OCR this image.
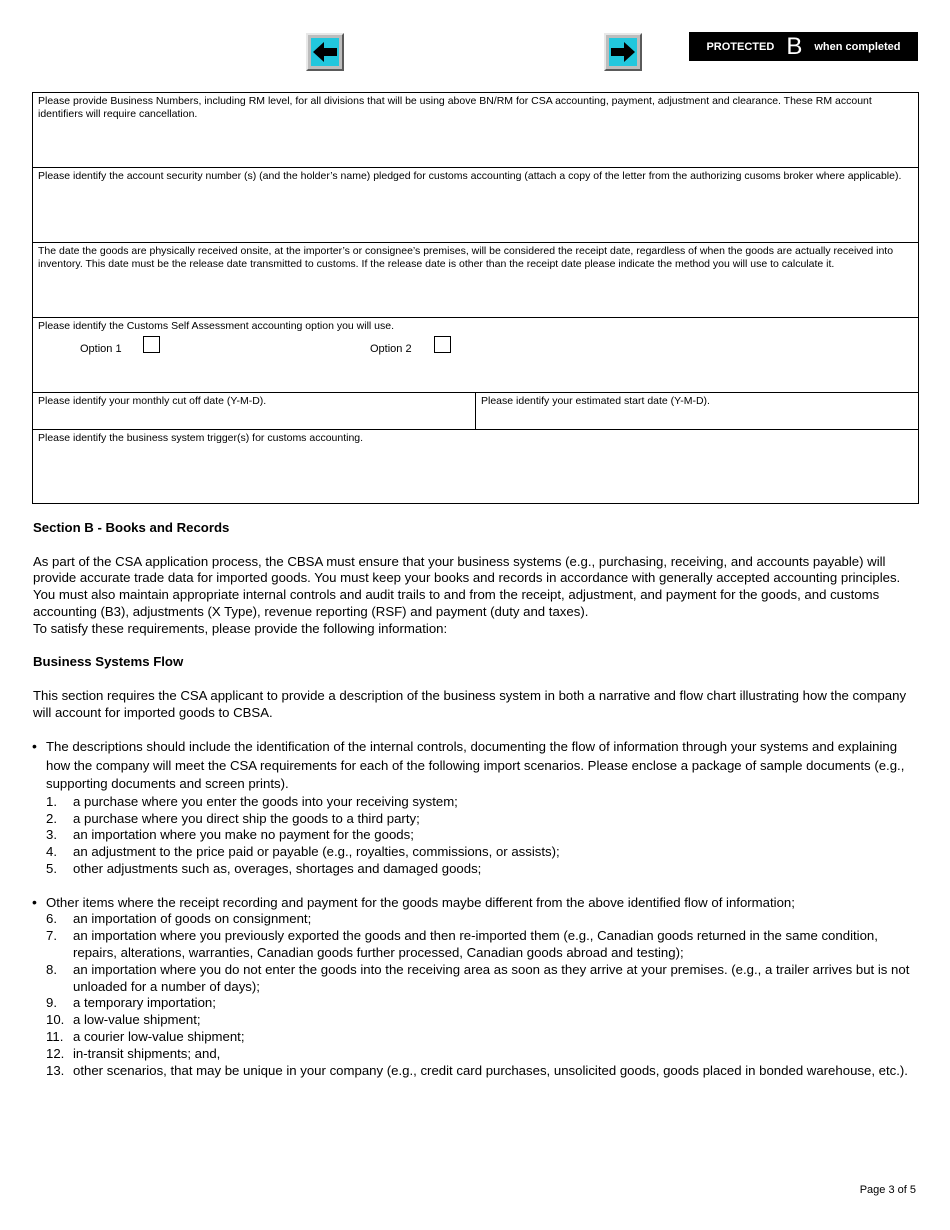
PROTECTED B when completed
Please provide Business Numbers, including RM level, for all divisions that will be using above BN/RM for CSA accounting, payment, adjustment and clearance. These RM account identifiers will require cancellation.

Please identify the account security number (s) (and the holder’s name) pledged for customs accounting (attach a copy of the letter from the authorizing cusoms broker where applicable).

The date the goods are physically received onsite, at the importer’s or consignee’s premises, will be considered the receipt date, regardless of when the goods are actually received into inventory. This date must be the release date transmitted to customs. If the release date is other than the receipt date please indicate the method you will use to calculate it.

Please identify the Customs Self Assessment accounting option you will use.
Option 1	Option 2

Please identify your monthly cut off date (Y-M-D).	Please identify your estimated start date (Y-M-D).

Please identify the business system trigger(s) for customs accounting.
Section B - Books and Records

As part of the CSA application process, the CBSA must ensure that your business systems (e.g., purchasing, receiving, and accounts payable) will provide accurate trade data for imported goods. You must keep your books and records in accordance with generally accepted accounting principles. You must also maintain appropriate internal controls and audit trails to and from the receipt, adjustment, and payment for the goods, and customs accounting (B3), adjustments (X Type), revenue reporting (RSF) and payment (duty and taxes).

To satisfy these requirements, please provide the following information:

Business Systems Flow

This section requires the CSA applicant to provide a description of the business system in both a narrative and flow chart illustrating how the company will account for imported goods to CBSA.

• The descriptions should include the identification of the internal controls, documenting the flow of information through your systems and explaining how the company will meet the CSA requirements for each of the following import scenarios. Please enclose a package of sample documents (e.g., supporting documents and screen prints).
1. a purchase where you enter the goods into your receiving system;
2. a purchase where you direct ship the goods to a third party;
3. an importation where you make no payment for the goods;
4. an adjustment to the price paid or payable (e.g., royalties, commissions, or assists);
5. other adjustments such as, overages, shortages and damaged goods;
• Other items where the receipt recording and payment for the goods maybe different from the above identified flow of information;
6. an importation of goods on consignment;
7. an importation where you previously exported the goods and then re-imported them (e.g., Canadian goods returned in the same condition, repairs, alterations, warranties, Canadian goods further processed, Canadian goods abroad and testing);
8. an importation where you do not enter the goods into the receiving area as soon as they arrive at your premises. (e.g., a trailer arrives but is not unloaded for a number of days);
9. a temporary importation;
10. a low-value shipment;
11. a courier low-value shipment;
12. in-transit shipments; and,
13. other scenarios, that may be unique in your company (e.g., credit card purchases, unsolicited goods, goods placed in bonded warehouse, etc.).
Page 3 of 5
